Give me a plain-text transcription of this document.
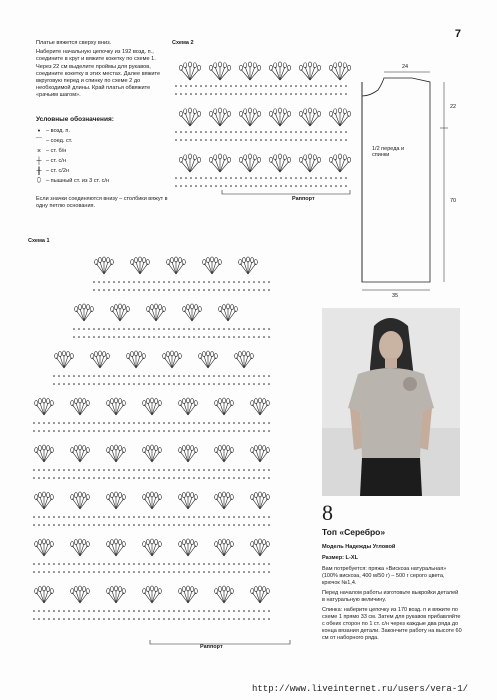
7

Платье вяжется сверху вниз.

Наберите начальную цепочку из 192 возд. п., соедините в круг и вяжите кокетку по схеме 1. Через 22 см выделите проймы для рукавов, соедините кокетку в этих местах. Далее вяжите вкруговую перед и спинку по схеме 2 до необходимой длины. Край платья обвяжите «рачьим шагом».

Условные обозначения:
•	– возд. п.
⌒ – соед. ст.
× – ст. б/н
┼ – ст. с/н
╫ – ст. с/2н
⬯ – пышный ст. из 3 ст. с/н
Если значки соединяются внизу – столбики вяжут в одну петлю основания.
Схема 2
Раппорт
Схема 1
Раппорт
24
22
70
35
1/2 переда и спинки
8
Топ «Серебро»
Модель Надежды Угловой
Размер: L-XL

Вам потребуется: пряжа «Вискоза натуральная» (100% вискоза, 400 м/50 г) – 500 г серого цвета, крючок №1,4.

Перед началом работы изготовьте выкройки деталей в натуральную величину.

Спинка: наберите цепочку из 170 возд. п и вяжите по схеме 1 прямо 33 см. Затем для рукавов прибавляйте с обеих сторон по 1 ст. с/н через каждые два ряда до конца вязания детали. Закончите работу на высоте 60 см от наборного ряда.

http://www.liveinternet.ru/users/vera-1/
